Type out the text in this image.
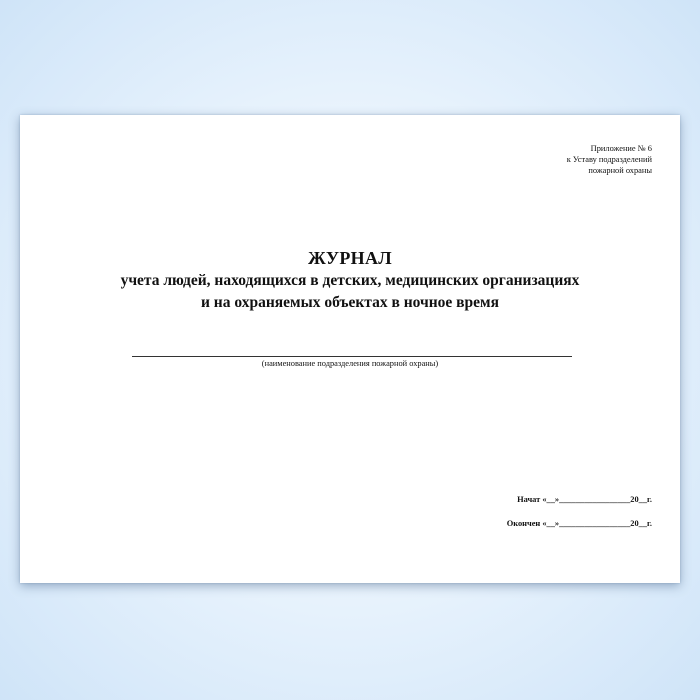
Приложение № 6
к Уставу подразделений
пожарной охраны
ЖУРНАЛ
учета людей, находящихся в детских, медицинских организациях
и на охраняемых объектах в ночное время
(наименование подразделения пожарной охраны)
Начат «__»_________________20__г.
Окончен «__»_________________20__г.
